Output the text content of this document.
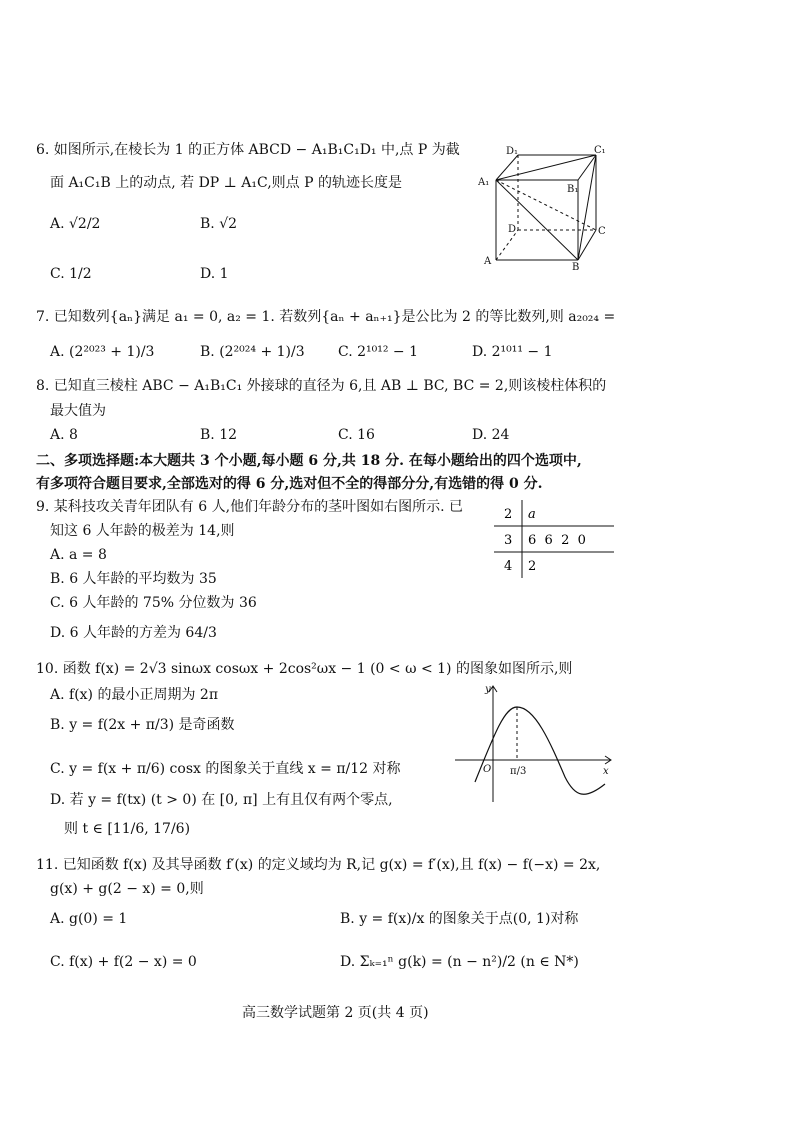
6. 如图所示,在棱长为 1 的正方体 ABCD − A₁B₁C₁D₁ 中,点 P 为截
面 A₁C₁B 上的动点, 若 DP ⊥ A₁C,则点 P 的轨迹长度是
A. √2/2	B. √2
C. 1/2	D. 1
D₁	C₁
A₁
B₁
D	C
A
B
7. 已知数列{aₙ}满足 a₁ = 0, a₂ = 1. 若数列{aₙ + aₙ₊₁}是公比为 2 的等比数列,则 a₂₀₂₄ =
A. (2²⁰²³ + 1)/3	B. (2²⁰²⁴ + 1)/3 C. 2¹⁰¹² − 1	D. 2¹⁰¹¹ − 1
8. 已知直三棱柱 ABC − A₁B₁C₁ 外接球的直径为 6,且 AB ⊥ BC, BC = 2,则该棱柱体积的
最大值为
A. 8	B. 12	C. 16	D. 24
二、多项选择题:本大题共 3 个小题,每小题 6 分,共 18 分. 在每小题给出的四个选项中,
有多项符合题目要求,全部选对的得 6 分,选对但不全的得部分分,有选错的得 0 分.
9. 某科技攻关青年团队有 6 人,他们年龄分布的茎叶图如右图所示. 已
知这 6 人年龄的极差为 14,则
A. a = 8
B. 6 人年龄的平均数为 35
C. 6 人年龄的 75% 分位数为 36
D. 6 人年龄的方差为 64/3
2 a
3 6  6  2  0
4 2
10. 函数 f(x) = 2√3 sinωx cosωx + 2cos²ωx − 1 (0 < ω < 1) 的图象如图所示,则
A. f(x) 的最小正周期为 2π
B. y = f(2x + π/3) 是奇函数
C. y = f(x + π/6) cosx 的图象关于直线 x = π/12 对称
D. 若 y = f(tx) (t > 0) 在 [0, π] 上有且仅有两个零点,
则 t ∈ [11/6, 17/6)
y
x
O π/3
11. 已知函数 f(x) 及其导函数 f′(x) 的定义域均为 R,记 g(x) = f′(x),且 f(x) − f(−x) = 2x,
g(x) + g(2 − x) = 0,则
A. g(0) = 1	B. y = f(x)/x 的图象关于点(0, 1)对称
C. f(x) + f(2 − x) = 0	D. Σₖ₌₁ⁿ g(k) = (n − n²)/2 (n ∈ N*)
高三数学试题第 2 页(共 4 页)
